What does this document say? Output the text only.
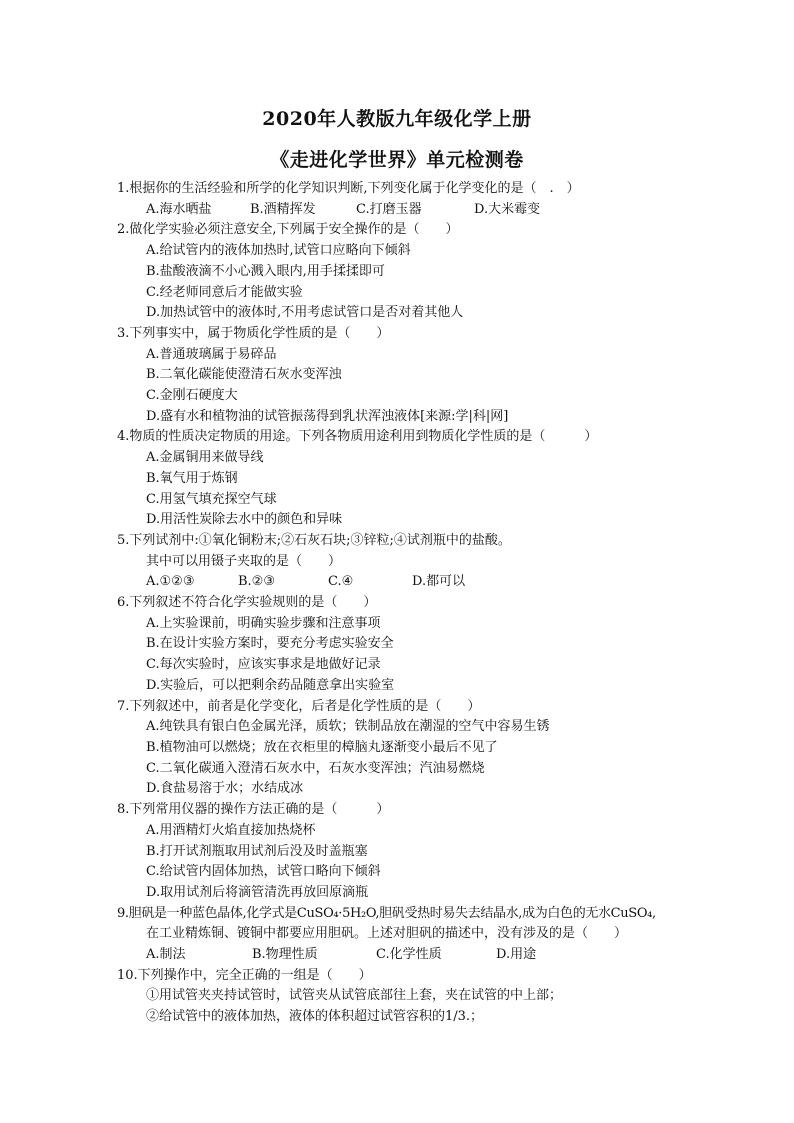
2020年人教版九年级化学上册
《走进化学世界》单元检测卷
1.根据你的生活经验和所学的化学知识判断,下列变化属于化学变化的是（　.　）
A.海水晒盐	B.酒精挥发	C.打磨玉器	D.大米霉变
2.做化学实验必须注意安全,下列属于安全操作的是（　　）
A.给试管内的液体加热时,试管口应略向下倾斜
B.盐酸液滴不小心溅入眼内,用手揉揉即可
C.经老师同意后才能做实验
D.加热试管中的液体时,不用考虑试管口是否对着其他人
3.下列事实中，属于物质化学性质的是（　　）
A.普通玻璃属于易碎品
B.二氧化碳能使澄清石灰水变浑浊
C.金刚石硬度大
D.盛有水和植物油的试管振荡得到乳状浑浊液体[来源:学|科|网]
4.物质的性质决定物质的用途。下列各物质用途利用到物质化学性质的是（　　　）
A.金属铜用来做导线
B.氧气用于炼钢
C.用氢气填充探空气球
D.用活性炭除去水中的颜色和异味
5.下列试剂中:①氧化铜粉末;②石灰石块;③锌粒;④试剂瓶中的盐酸。
其中可以用镊子夹取的是（　　）
A.①②③	B.②③	C.④	D.都可以
6.下列叙述不符合化学实验规则的是（　　）
A.上实验课前，明确实验步骤和注意事项
B.在设计实验方案时，要充分考虑实验安全
C.每次实验时，应该实事求是地做好记录
D.实验后，可以把剩余药品随意拿出实验室
7.下列叙述中，前者是化学变化，后者是化学性质的是（　　）
A.纯铁具有银白色金属光泽，质软；铁制品放在潮湿的空气中容易生锈
B.植物油可以燃烧；放在衣柜里的樟脑丸逐渐变小最后不见了
C.二氧化碳通入澄清石灰水中，石灰水变浑浊；汽油易燃烧
D.食盐易溶于水；水结成冰
8.下列常用仪器的操作方法正确的是（　　　）
A.用酒精灯火焰直接加热烧杯
B.打开试剂瓶取用试剂后没及时盖瓶塞
C.给试管内固体加热，试管口略向下倾斜
D.取用试剂后将滴管清洗再放回原滴瓶
9.胆矾是一种蓝色晶体,化学式是CuSO₄·5H₂O,胆矾受热时易失去结晶水,成为白色的无水CuSO₄,
在工业精炼铜、镀铜中都要应用胆矾。上述对胆矾的描述中，没有涉及的是（　　）
A.制法	B.物理性质	C.化学性质	D.用途
10.下列操作中，完全正确的一组是（　　）
①用试管夹夹持试管时，试管夹从试管底部往上套，夹在试管的中上部；
②给试管中的液体加热，液体的体积超过试管容积的1/3.；
